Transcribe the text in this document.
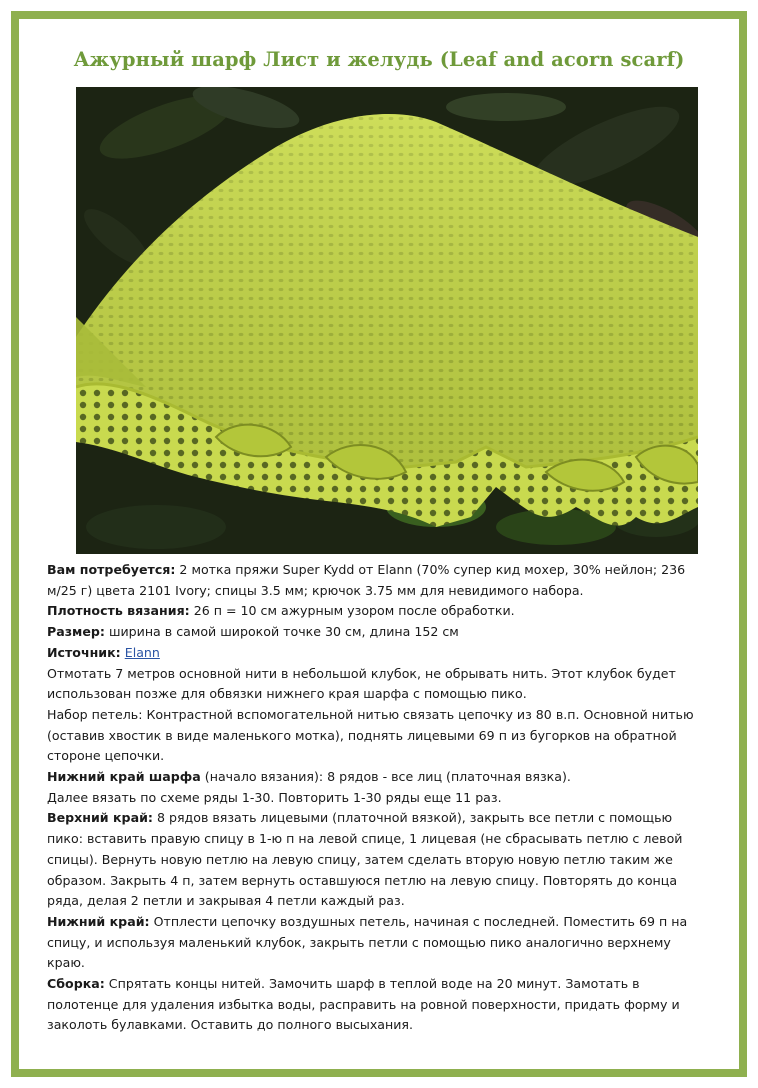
Ажурный шарф Лист и желудь (Leaf and acorn scarf)

Вам потребуется: 2 мотка пряжи Super Kydd от Elann (70% супер кид мохер, 30% нейлон; 236
м/25 г) цвета 2101 Ivory; спицы 3.5 мм; крючок 3.75 мм для невидимого набора.

Плотность вязания: 26 п = 10 см ажурным узором после обработки.

Размер: ширина в самой широкой точке 30 см, длина 152 см

Источник: Elann

Отмотать 7 метров основной нити в небольшой клубок, не обрывать нить. Этот клубок будет
использован позже для обвязки нижнего края шарфа с помощью пико.

Набор петель: Контрастной вспомогательной нитью связать цепочку из 80 в.п. Основной нитью
(оставив хвостик в виде маленького мотка), поднять лицевыми 69 п из бугорков на обратной
стороне цепочки.

Нижний край шарфа (начало вязания): 8 рядов - все лиц (платочная вязка).

Далее вязать по схеме ряды 1-30. Повторить 1-30 ряды еще 11 раз.

Верхний край: 8 рядов вязать лицевыми (платочной вязкой), закрыть все петли с помощью
пико: вставить правую спицу в 1-ю п на левой спице, 1 лицевая (не сбрасывать петлю с левой
спицы). Вернуть новую петлю на левую спицу, затем сделать вторую новую петлю таким же
образом. Закрыть 4 п, затем вернуть оставшуюся петлю на левую спицу. Повторять до конца
ряда, делая 2 петли и закрывая 4 петли каждый раз.

Нижний край: Отплести цепочку воздушных петель, начиная с последней. Поместить 69 п на
спицу, и используя маленький клубок, закрыть петли с помощью пико аналогично верхнему
краю.

Сборка: Спрятать концы нитей. Замочить шарф в теплой воде на 20 минут. Замотать в
полотенце для удаления избытка воды, расправить на ровной поверхности, придать форму и
заколоть булавками. Оставить до полного высыхания.
